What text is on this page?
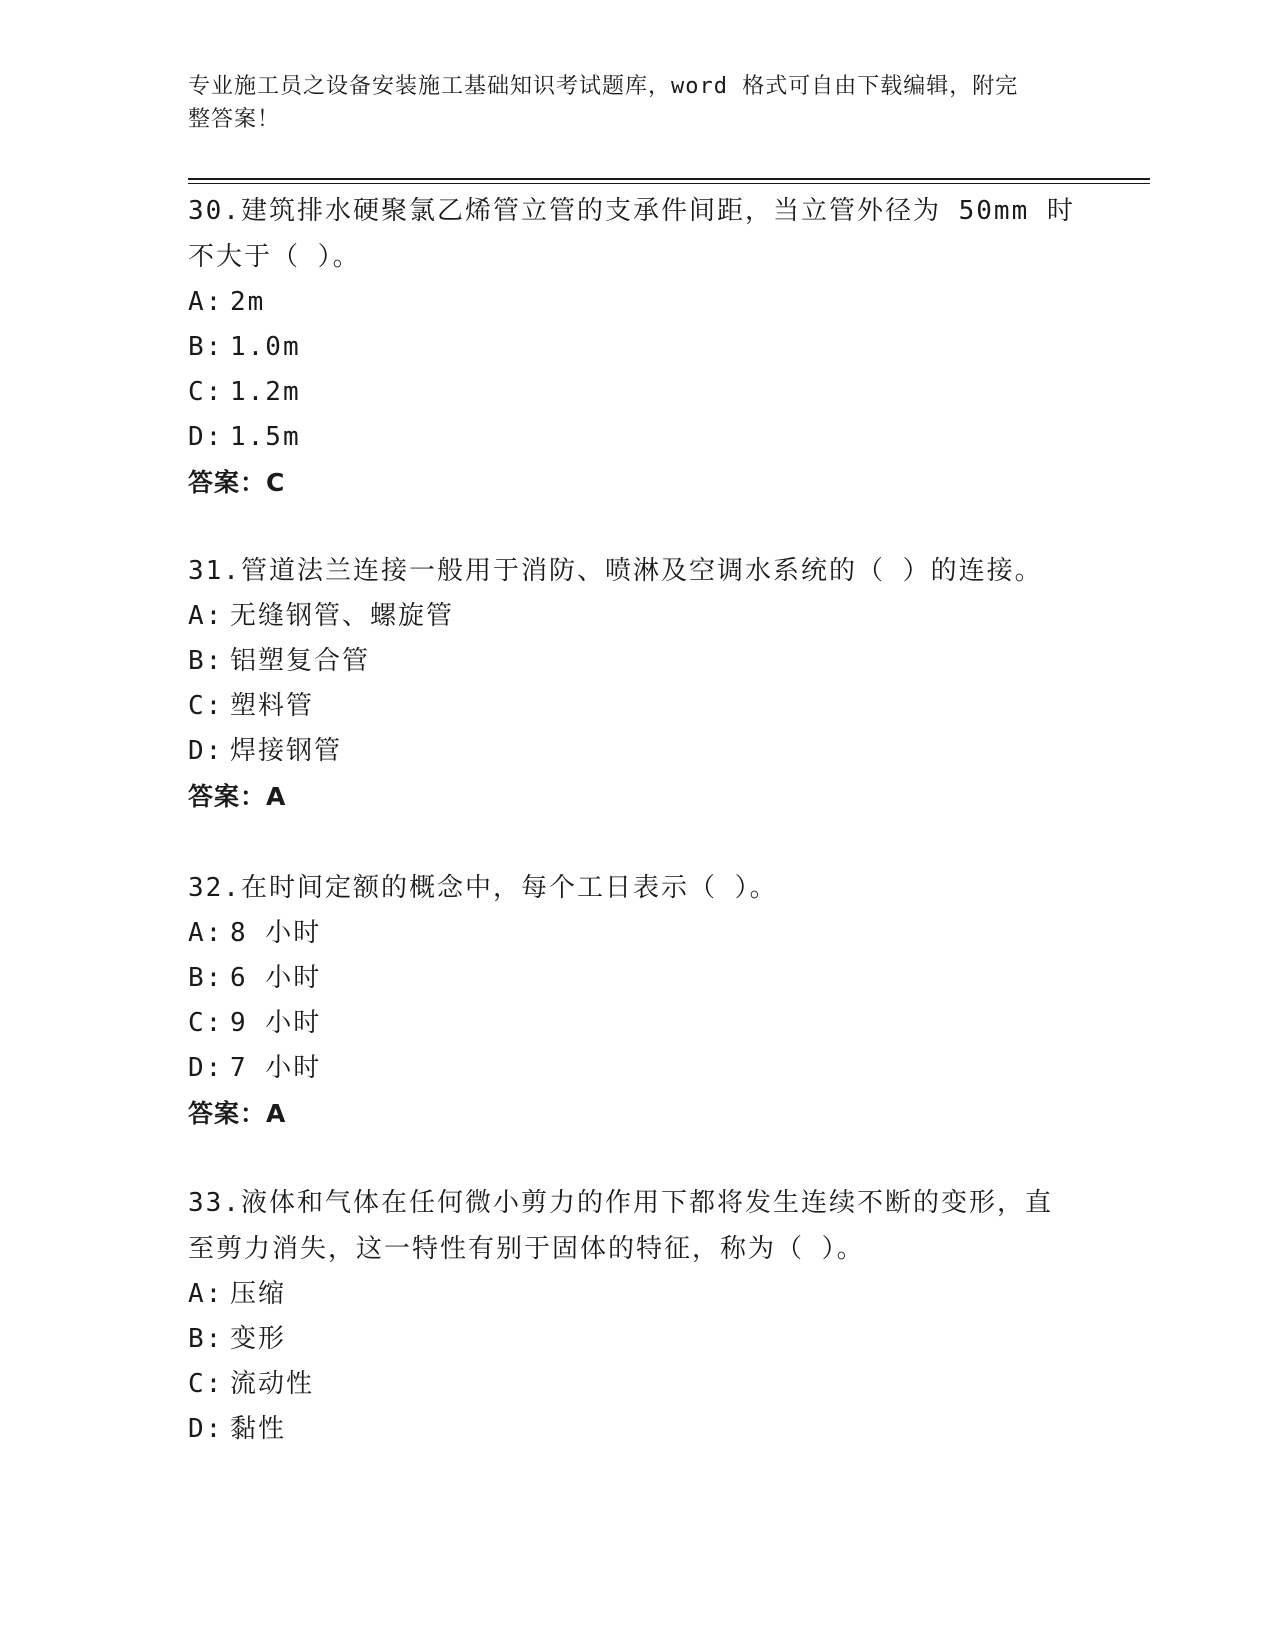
专业施工员之设备安装施工基础知识考试题库，word 格式可自由下载编辑，附完
整答案！

30.建筑排水硬聚氯乙烯管立管的支承件间距，当立管外径为 50mm 时

不大于（ ）。

A: 2m

B: 1.0m

C: 1.2m

D: 1.5m

答案：C

31.管道法兰连接一般用于消防、喷淋及空调水系统的（ ）的连接。

A: 无缝钢管、螺旋管

B: 铝塑复合管

C: 塑料管

D: 焊接钢管

答案：A

32.在时间定额的概念中，每个工日表示（ ）。

A: 8 小时

B: 6 小时

C: 9 小时

D: 7 小时

答案：A

33.液体和气体在任何微小剪力的作用下都将发生连续不断的变形，直

至剪力消失，这一特性有别于固体的特征，称为（ ）。

A: 压缩

B: 变形

C: 流动性

D: 黏性
